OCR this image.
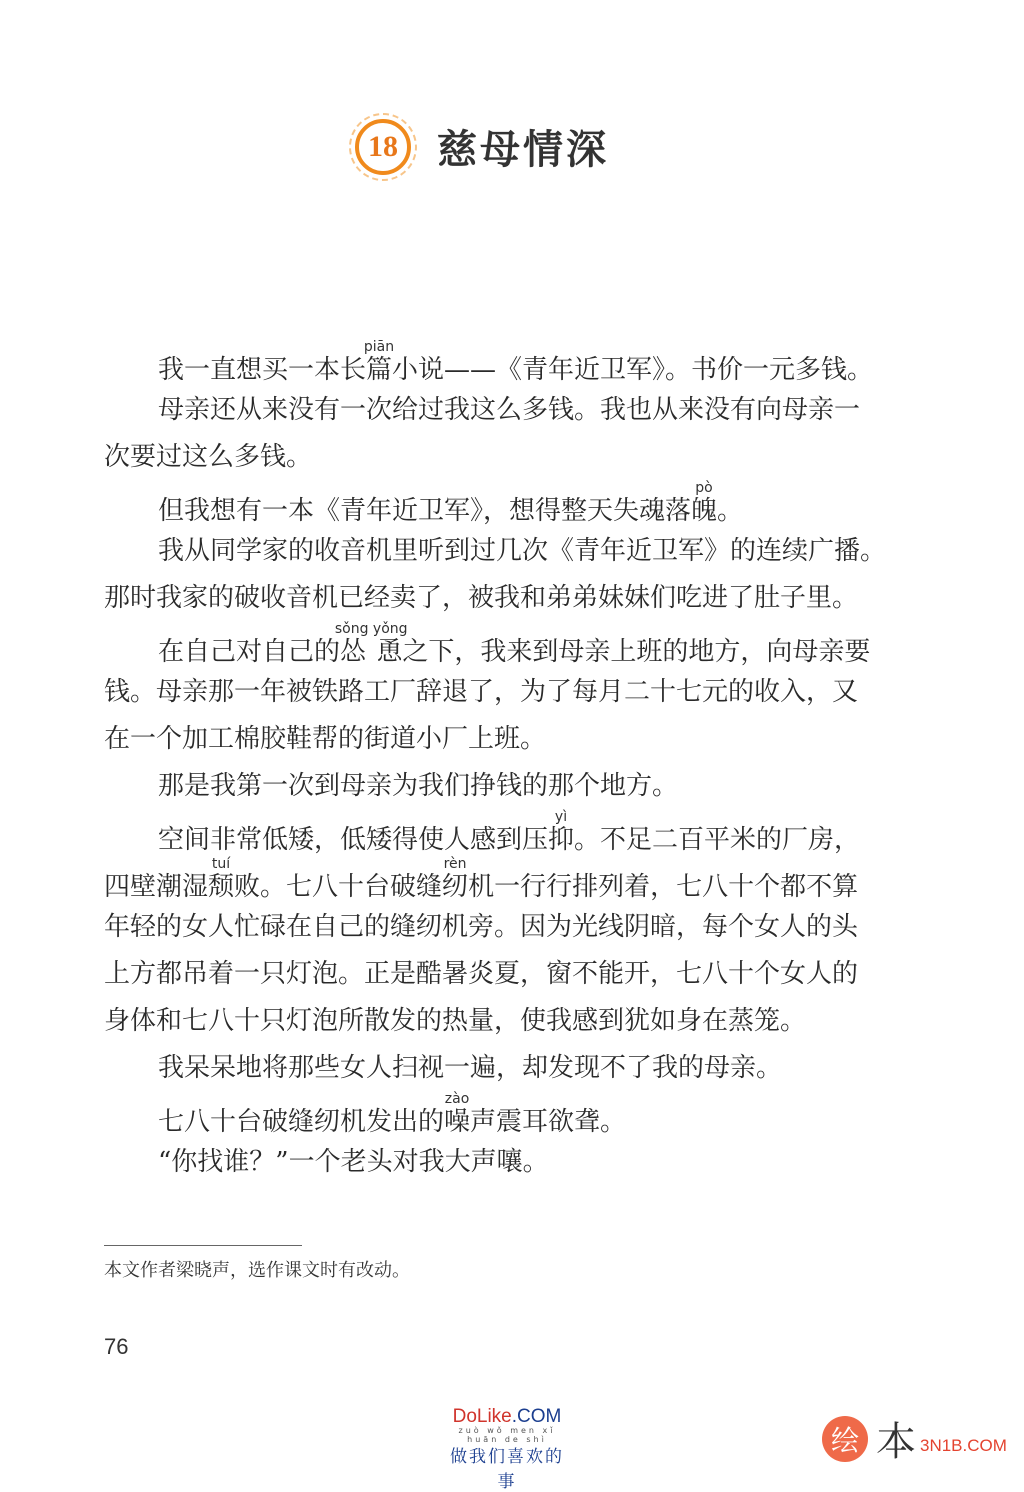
18 慈母情深
我一直想买一本长篇piān小说——《青年近卫军》。书价一元多钱。
母亲还从来没有一次给过我这么多钱。我也从来没有向母亲一
次要过这么多钱。
但我想有一本《青年近卫军》，想得整天失魂落魄pò。
我从同学家的收音机里听到过几次《青年近卫军》的连续广播。
那时我家的破收音机已经卖了，被我和弟弟妹妹们吃进了肚子里。
在自己对自己的怂恿sǒng yǒng之下，我来到母亲上班的地方，向母亲要
钱。母亲那一年被铁路工厂辞退了，为了每月二十七元的收入，又
在一个加工棉胶鞋帮的街道小厂上班。
那是我第一次到母亲为我们挣钱的那个地方。
空间非常低矮，低矮得使人感到压抑yì。不足二百平米的厂房，
四壁潮湿颓tuí败。七八十台破缝纫rèn机一行行排列着，七八十个都不算
年轻的女人忙碌在自己的缝纫机旁。因为光线阴暗，每个女人的头
上方都吊着一只灯泡。正是酷暑炎夏，窗不能开，七八十个女人的
身体和七八十只灯泡所散发的热量，使我感到犹如身在蒸笼。
我呆呆地将那些女人扫视一遍，却发现不了我的母亲。
七八十台破缝纫机发出的噪zào声震耳欲聋。
“你找谁？”一个老头对我大声嚷。
本文作者梁晓声，选作课文时有改动。
76
DoLike.COM
zuò wǒ men xǐ huān de shì
做我们喜欢的事
绘 本 3N1B.COM
